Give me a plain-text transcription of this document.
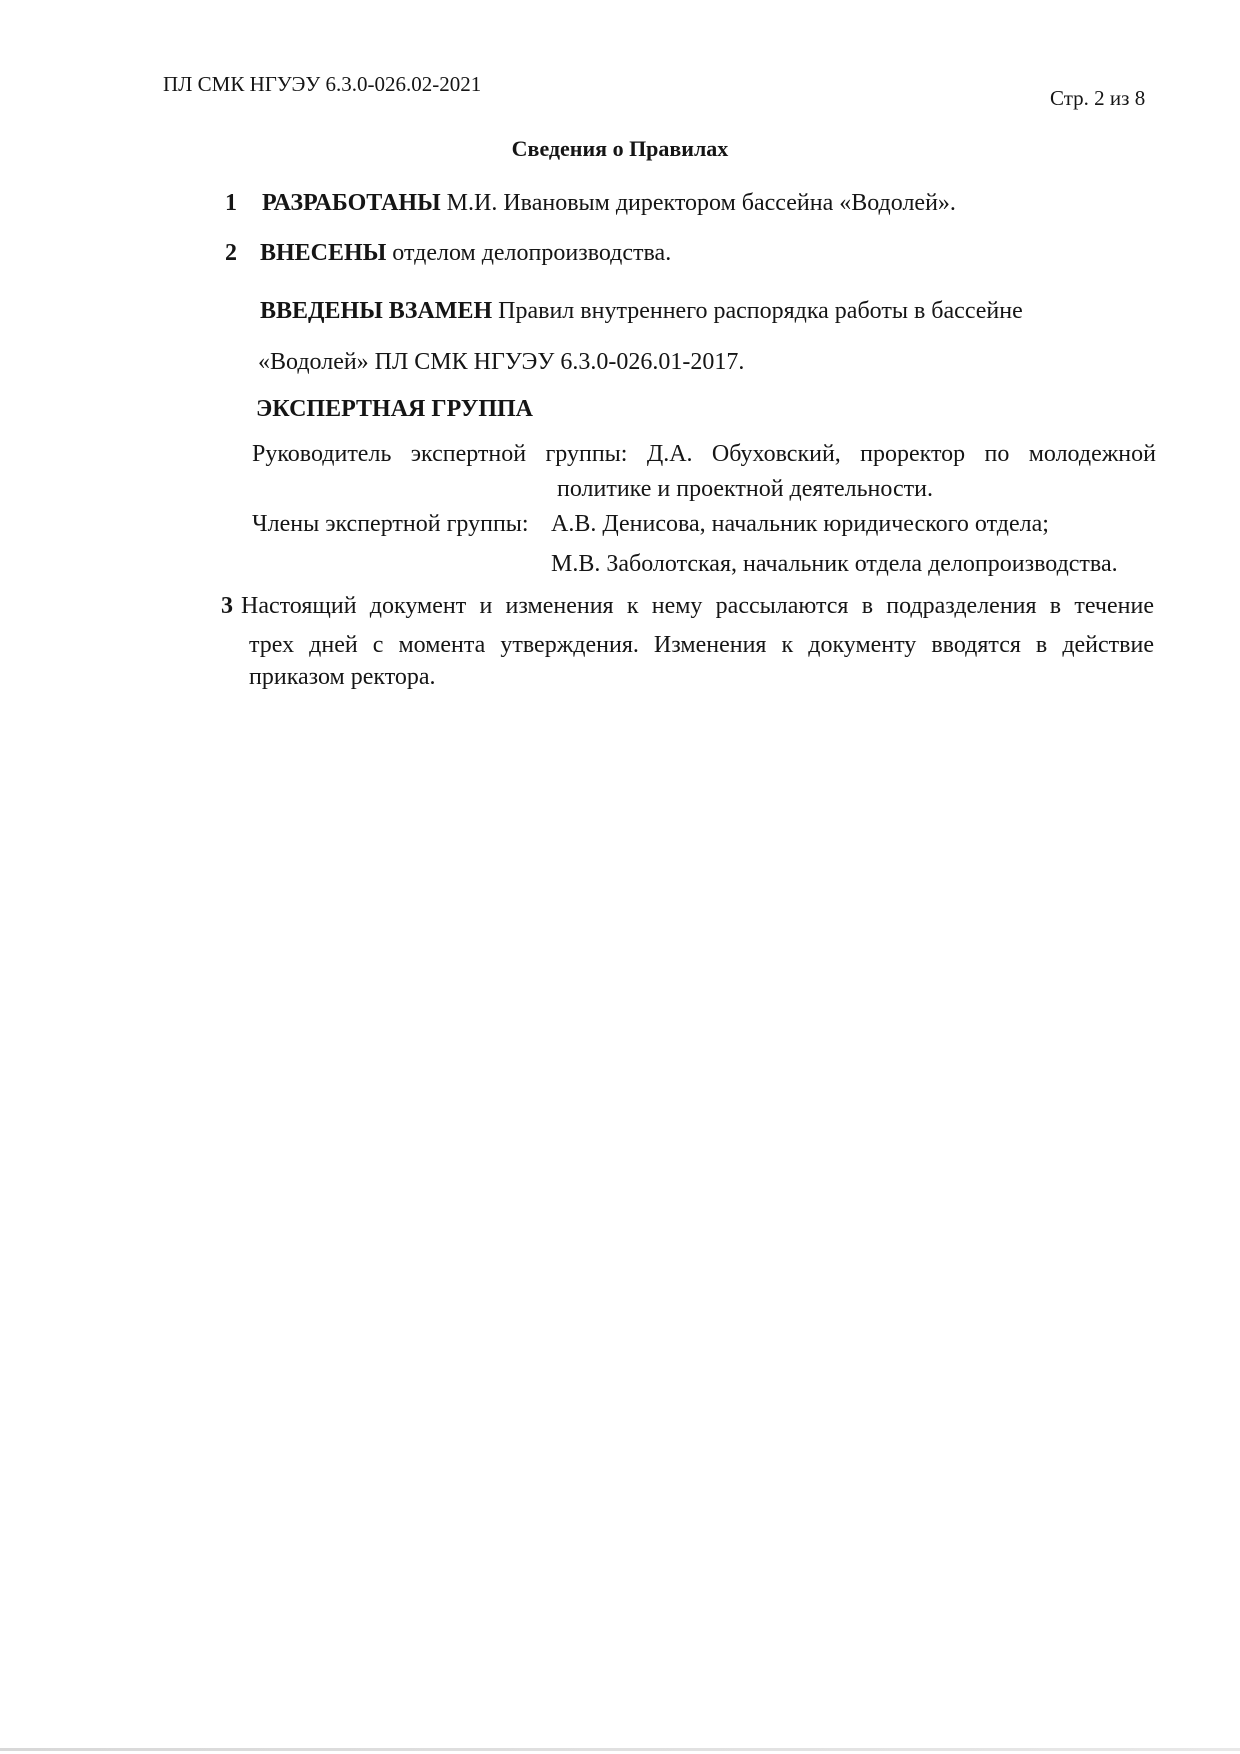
ПЛ СМК НГУЭУ 6.3.0-026.02-2021
Стр. 2 из 8
Сведения о Правилах
1 РАЗРАБОТАНЫ М.И. Ивановым директором бассейна «Водолей».
2 ВНЕСЕНЫ отделом делопроизводства.
ВВЕДЕНЫ ВЗАМЕН Правил внутреннего распорядка работы в бассейне
«Водолей» ПЛ СМК НГУЭУ 6.3.0-026.01-2017.
ЭКСПЕРТНАЯ ГРУППА
Руководитель экспертной группы: Д.А. Обуховский, проректор по молодежной
политике и проектной деятельности.
Члены экспертной группы: А.В. Денисова, начальник юридического отдела;
М.В. Заболотская, начальник отдела делопроизводства.
3 Настоящий документ и изменения к нему рассылаются в подразделения в течение
трех дней с момента утверждения. Изменения к документу вводятся в действие
приказом ректора.
